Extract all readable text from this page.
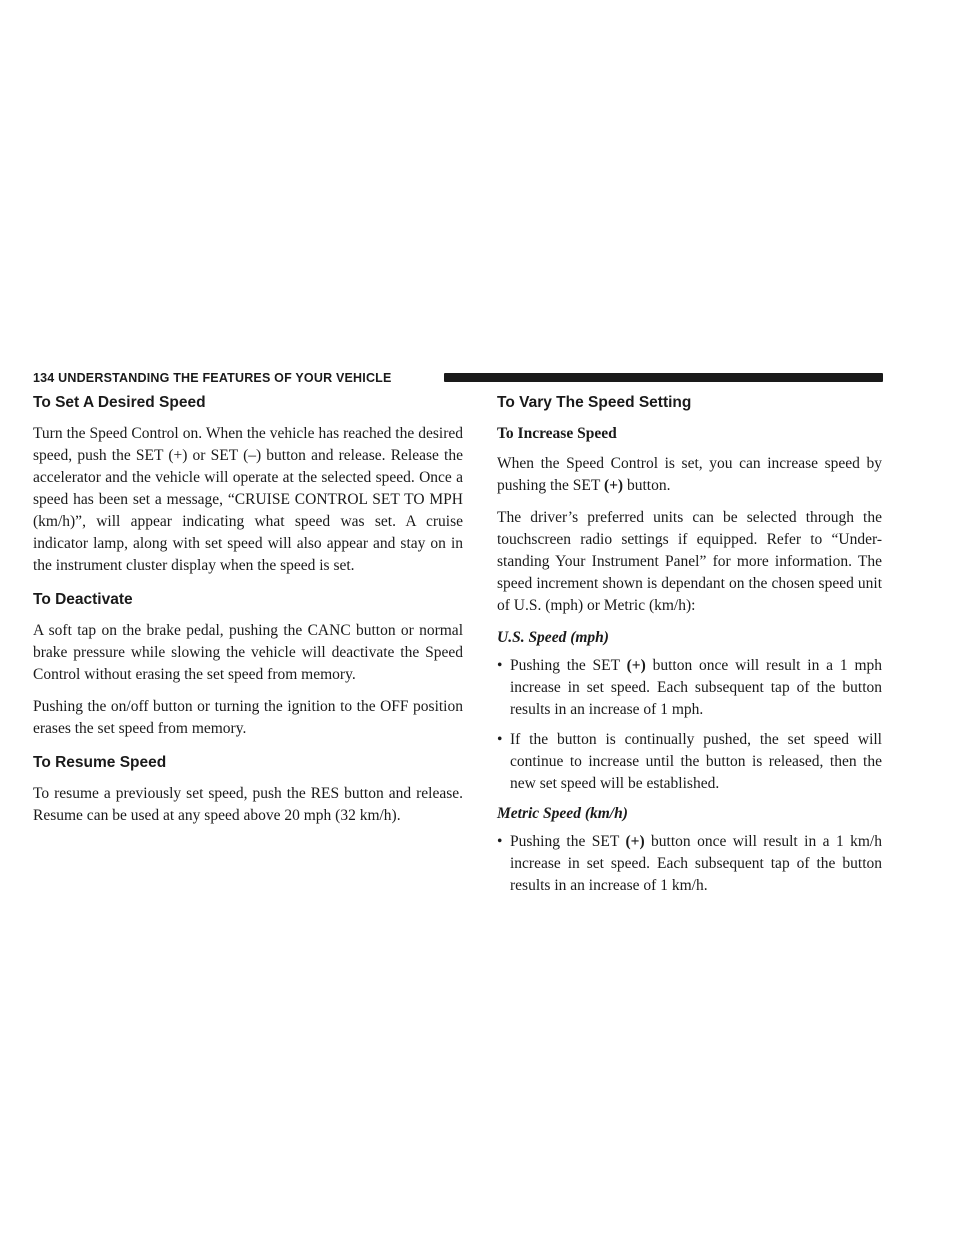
134 UNDERSTANDING THE FEATURES OF YOUR VEHICLE
To Set A Desired Speed

Turn the Speed Control on. When the vehicle has reached the desired speed, push the SET (+) or SET (–) button and release. Release the accelerator and the vehicle will operate at the selected speed. Once a speed has been set a message, “CRUISE CONTROL SET TO MPH (km/h)”, will appear indicating what speed was set. A cruise indicator lamp, along with set speed will also appear and stay on in the instrument cluster display when the speed is set.

To Deactivate

A soft tap on the brake pedal, pushing the CANC button or normal brake pressure while slowing the vehicle will deactivate the Speed Control without erasing the set speed from memory.

Pushing the on/off button or turning the ignition to the OFF position erases the set speed from memory.

To Resume Speed

To resume a previously set speed, push the RES button and release. Resume can be used at any speed above 20 mph (32 km/h).

To Vary The Speed Setting

To Increase Speed

When the Speed Control is set, you can increase speed by pushing the SET (+) button.

The driver’s preferred units can be selected through the touchscreen radio settings if equipped. Refer to “Under-standing Your Instrument Panel” for more information. The speed increment shown is dependant on the chosen speed unit of U.S. (mph) or Metric (km/h):

U.S. Speed (mph)

• Pushing the SET (+) button once will result in a 1 mph increase in set speed. Each subsequent tap of the button results in an increase of 1 mph.
• If the button is continually pushed, the set speed will continue to increase until the button is released, then the new set speed will be established.

Metric Speed (km/h)

• Pushing the SET (+) button once will result in a 1 km/h increase in set speed. Each subsequent tap of the button results in an increase of 1 km/h.
